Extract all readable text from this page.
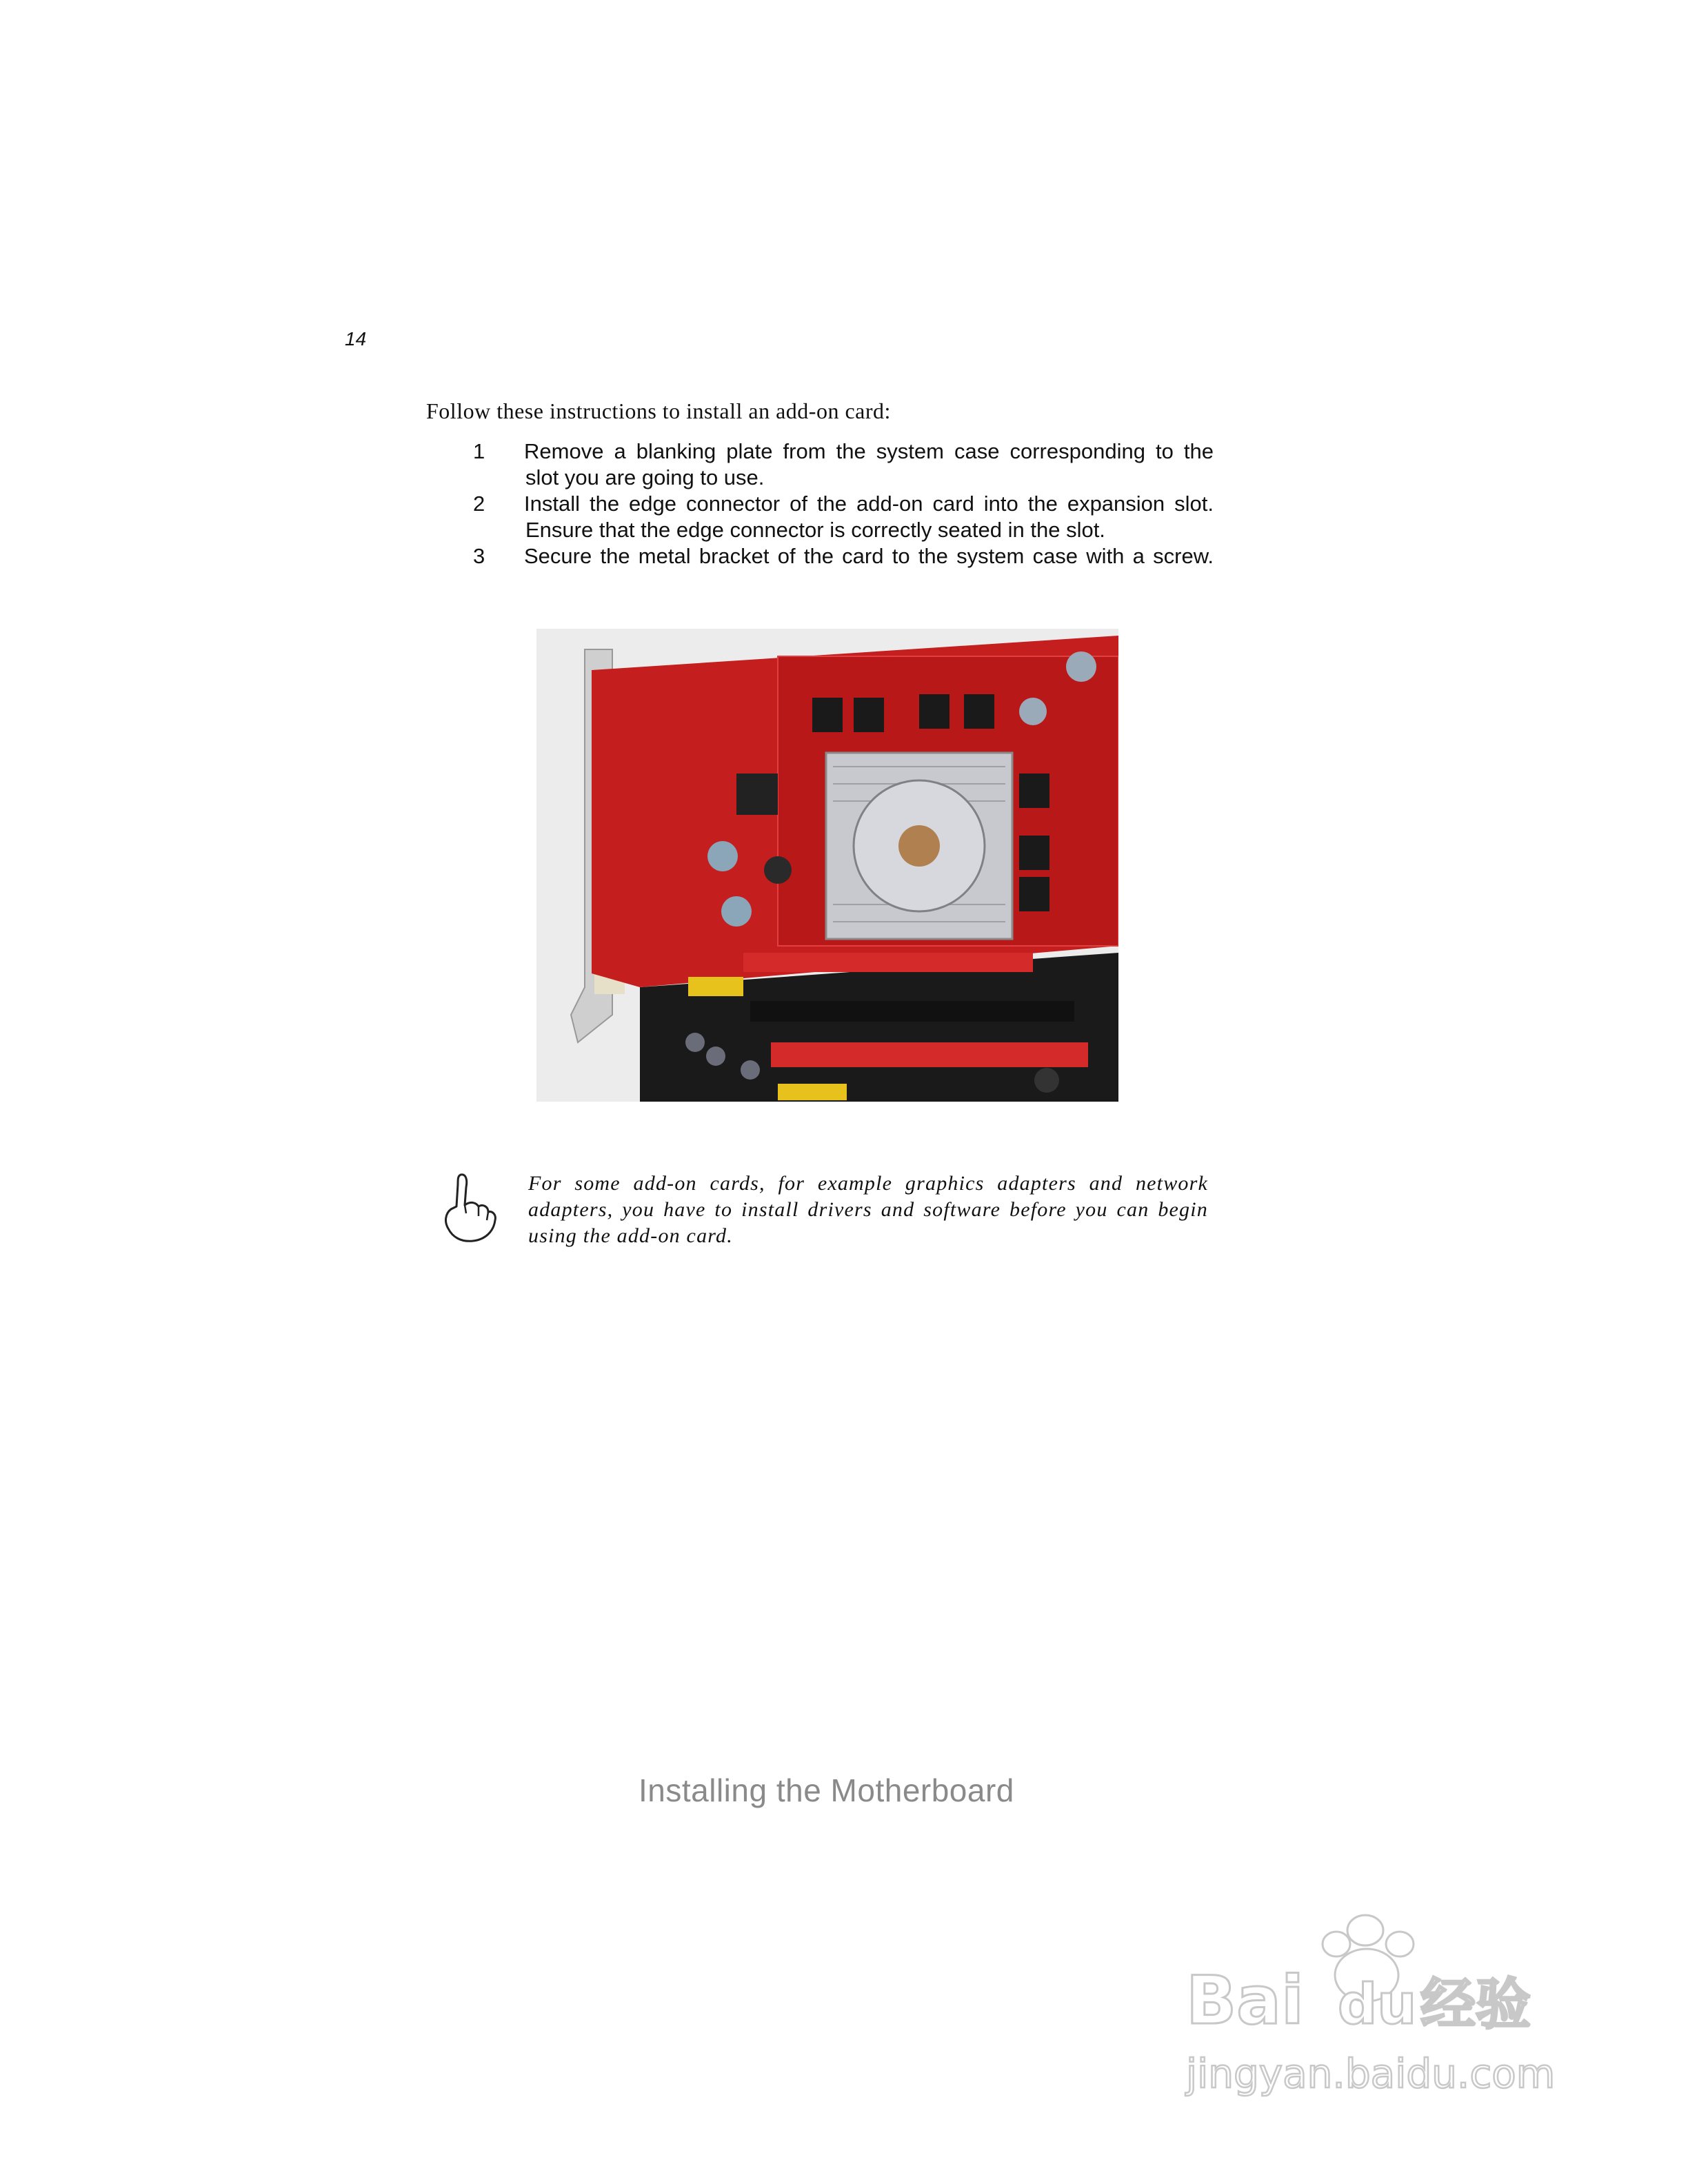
14
Follow these instructions to install an add-on card:
1 Remove a blanking plate from the system case corresponding to the
slot you are going to use.
2 Install the edge connector of the add-on card into the expansion slot.
Ensure that the edge connector is correctly seated in the slot.
3 Secure the metal bracket of the card to the system case with a screw.
For some add-on cards, for example graphics adapters and network adapters, you have to install drivers and software before you can begin using the add-on card.
Installing the Motherboard
Bai du 经验
jingyan.baidu.com
